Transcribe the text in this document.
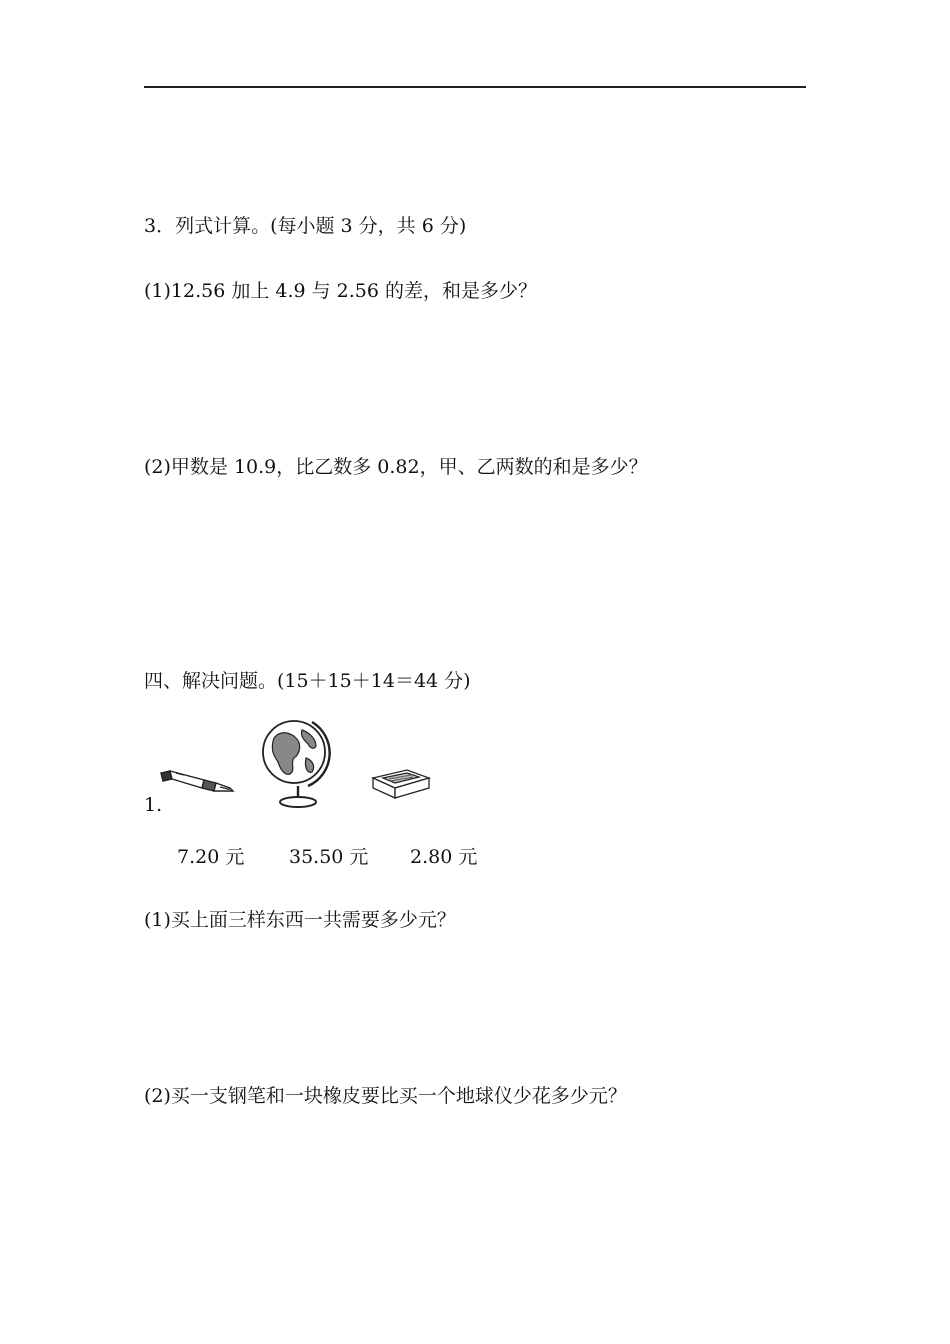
3．列式计算。(每小题 3 分，共 6 分)
(1)12.56 加上 4.9 与 2.56 的差，和是多少？
(2)甲数是 10.9，比乙数多 0.82，甲、乙两数的和是多少？
四、解决问题。(15＋15＋14＝44 分)
1.
7.20 元 35.50 元 2.80 元
(1)买上面三样东西一共需要多少元？
(2)买一支钢笔和一块橡皮要比买一个地球仪少花多少元？
